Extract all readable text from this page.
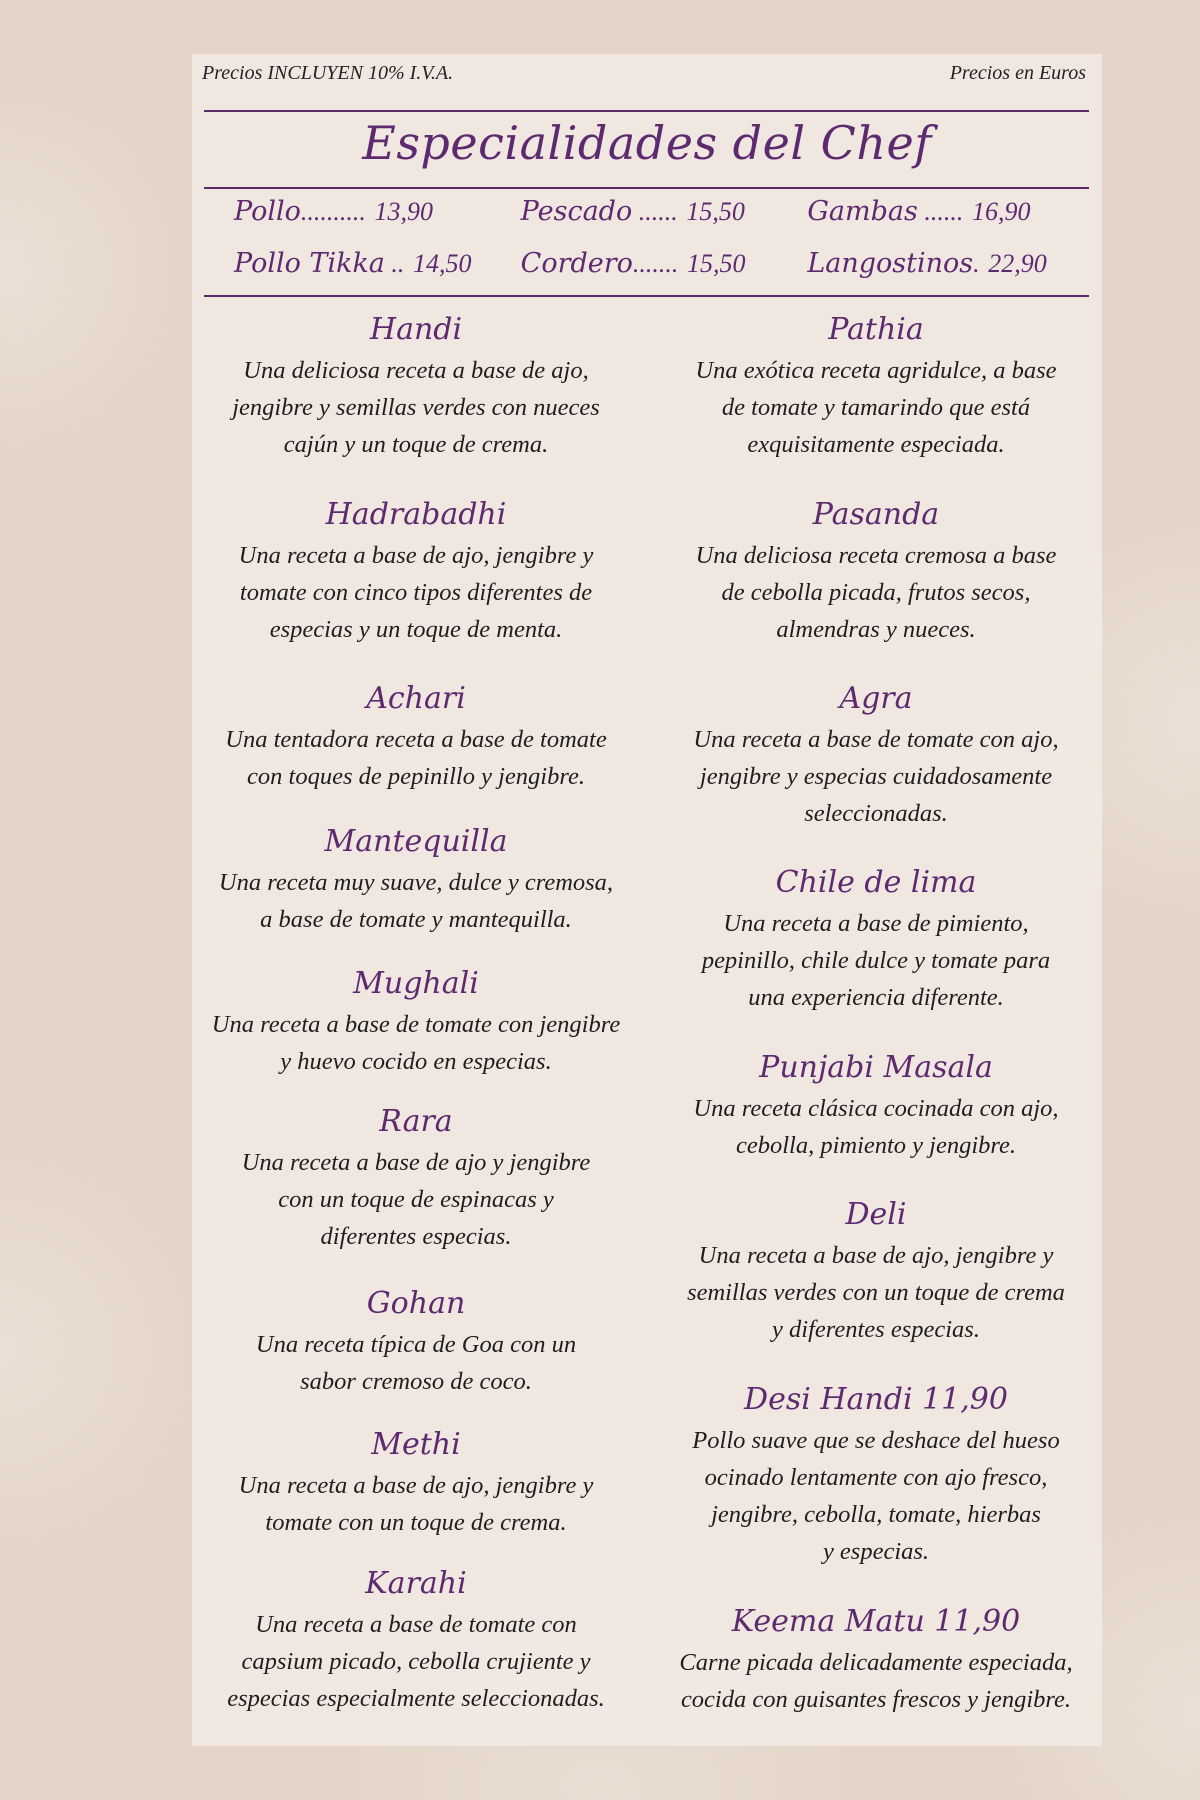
Precios INCLUYEN 10% I.V.A.	Precios en Euros
Especialidades del Chef
Pollo.......... 13,90	Pescado ...... 15,50	Gambas ...... 16,90
Pollo Tikka .. 14,50	Cordero....... 15,50	Langostinos. 22,90
Handi
Una deliciosa receta a base de ajo,
jengibre y semillas verdes con nueces
cajún y un toque de crema.
Hadrabadhi
Una receta a base de ajo, jengibre y
tomate con cinco tipos diferentes de
especias y un toque de menta.
Achari
Una tentadora receta a base de tomate
con toques de pepinillo y jengibre.
Mantequilla
Una receta muy suave, dulce y cremosa,
a base de tomate y mantequilla.
Mughali
Una receta a base de tomate con jengibre
y huevo cocido en especias.
Rara
Una receta a base de ajo y jengibre
con un toque de espinacas y
diferentes especias.
Gohan
Una receta típica de Goa con un
sabor cremoso de coco.
Methi
Una receta a base de ajo, jengibre y
tomate con un toque de crema.
Karahi
Una receta a base de tomate con
capsium picado, cebolla crujiente y
especias especialmente seleccionadas.
Pathia
Una exótica receta agridulce, a base
de tomate y tamarindo que está
exquisitamente especiada.
Pasanda
Una deliciosa receta cremosa a base
de cebolla picada, frutos secos,
almendras y nueces.
Agra
Una receta a base de tomate con ajo,
jengibre y especias cuidadosamente
seleccionadas.
Chile de lima
Una receta a base de pimiento,
pepinillo, chile dulce y tomate para
una experiencia diferente.
Punjabi Masala
Una receta clásica cocinada con ajo,
cebolla, pimiento y jengibre.
Deli
Una receta a base de ajo, jengibre y
semillas verdes con un toque de crema
y diferentes especias.
Desi Handi 11,90
Pollo suave que se deshace del hueso
ocinado lentamente con ajo fresco,
jengibre, cebolla, tomate, hierbas
y especias.
Keema Matu 11,90
Carne picada delicadamente especiada,
cocida con guisantes frescos y jengibre.
